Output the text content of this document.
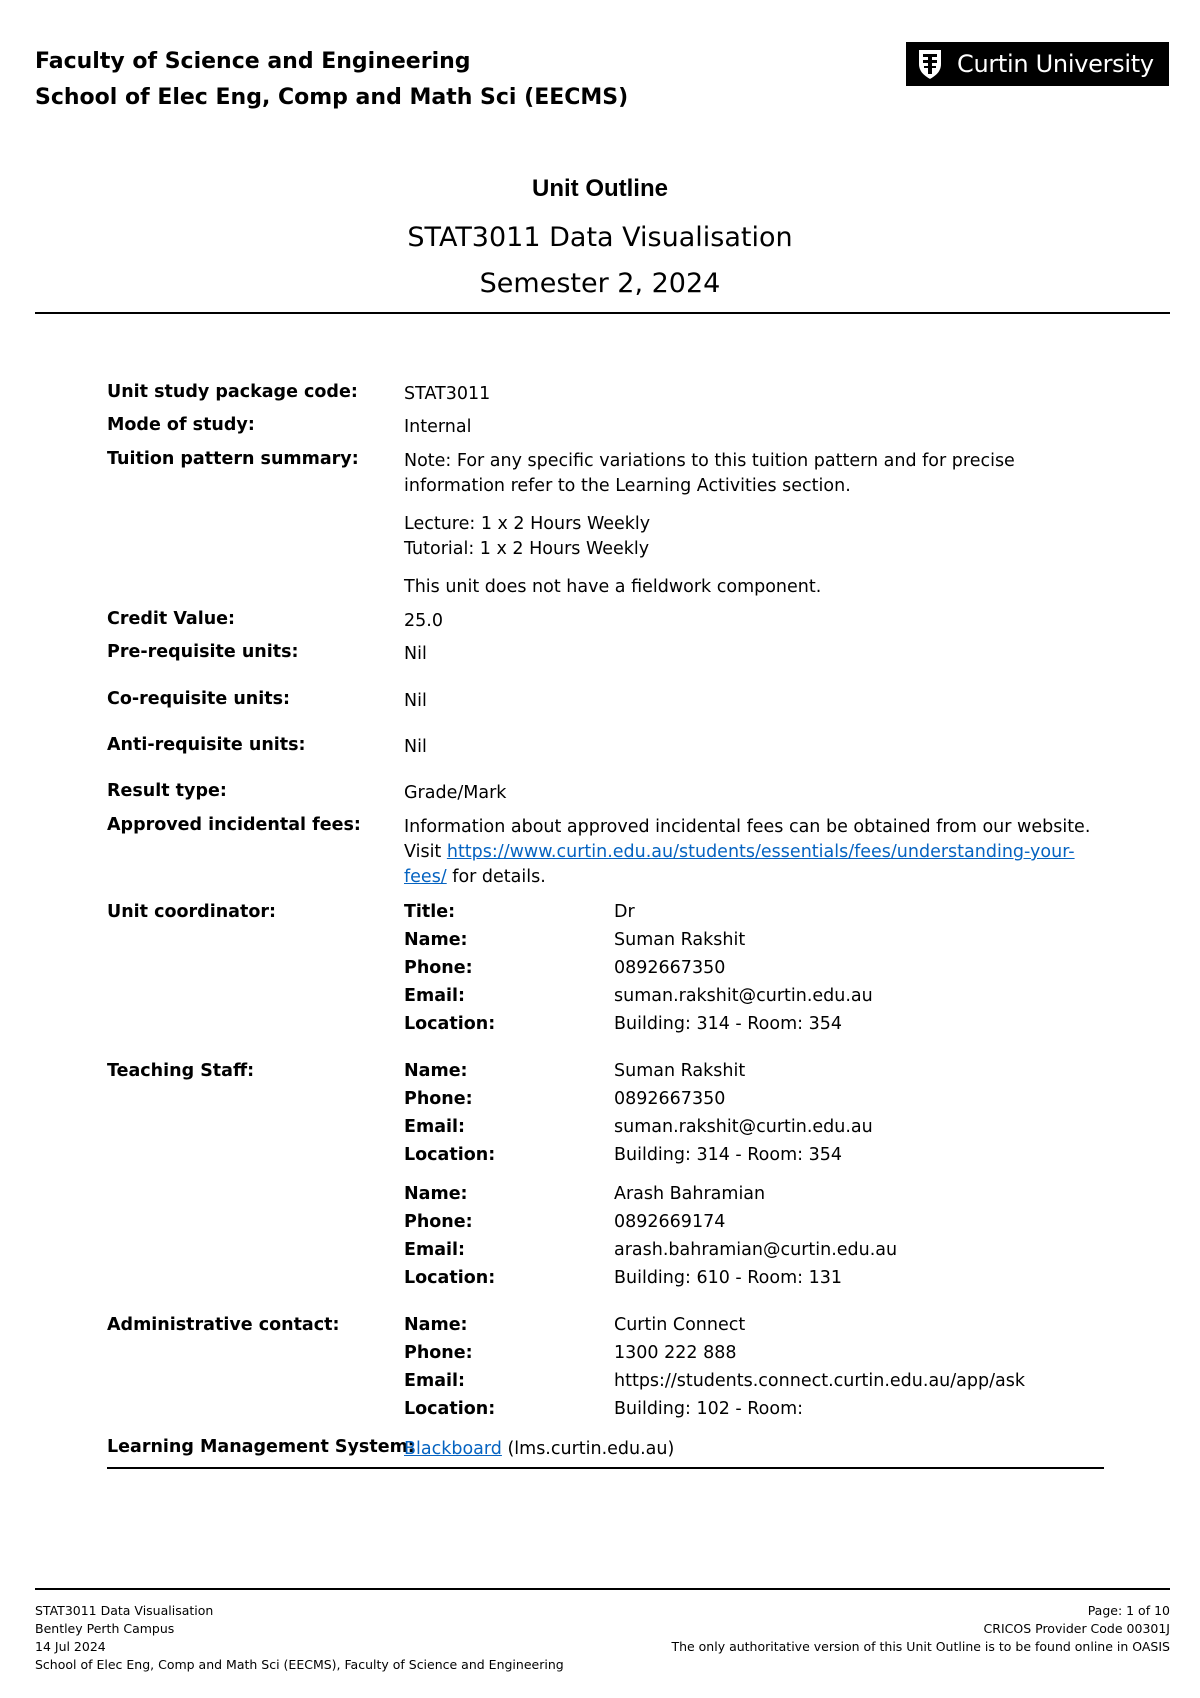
Faculty of Science and Engineering
School of Elec Eng, Comp and Math Sci (EECMS)
Curtin University
Unit Outline
STAT3011 Data Visualisation
Semester 2, 2024
Unit study package code:	STAT3011
Mode of study:	Internal
Tuition pattern summary:	Note: For any specific variations to this tuition pattern and for precise information refer to the Learning Activities section.
Lecture: 1 x 2 Hours Weekly
Tutorial: 1 x 2 Hours Weekly
This unit does not have a fieldwork component.
Credit Value:	25.0
Pre-requisite units:	Nil
Co-requisite units:	Nil
Anti-requisite units:	Nil
Result type:	Grade/Mark
Approved incidental fees: Information about approved incidental fees can be obtained from our website. Visit https://www.curtin.edu.au/students/essentials/fees/understanding-your-fees/ for details.
Unit coordinator:	Title:	Dr
Name:	Suman Rakshit
Phone:	0892667350
Email:	suman.rakshit@curtin.edu.au
Location:	Building: 314 - Room: 354
Teaching Staff:	Name:	Suman Rakshit
Phone:	0892667350
Email:	suman.rakshit@curtin.edu.au
Location:	Building: 314 - Room: 354
Name:	Arash Bahramian
Phone:	0892669174
Email:	arash.bahramian@curtin.edu.au
Location:	Building: 610 - Room: 131
Administrative contact:	Name:	Curtin Connect
Phone:	1300 222 888
Email:	https://students.connect.curtin.edu.au/app/ask
Location:	Building: 102 - Room:
Learning Management System:
Blackboard (lms.curtin.edu.au)
STAT3011 Data Visualisation
Bentley Perth Campus
14 Jul 2024
School of Elec Eng, Comp and Math Sci (EECMS), Faculty of Science and Engineering
Page: 1 of 10
CRICOS Provider Code 00301J
The only authoritative version of this Unit Outline is to be found online in OASIS
